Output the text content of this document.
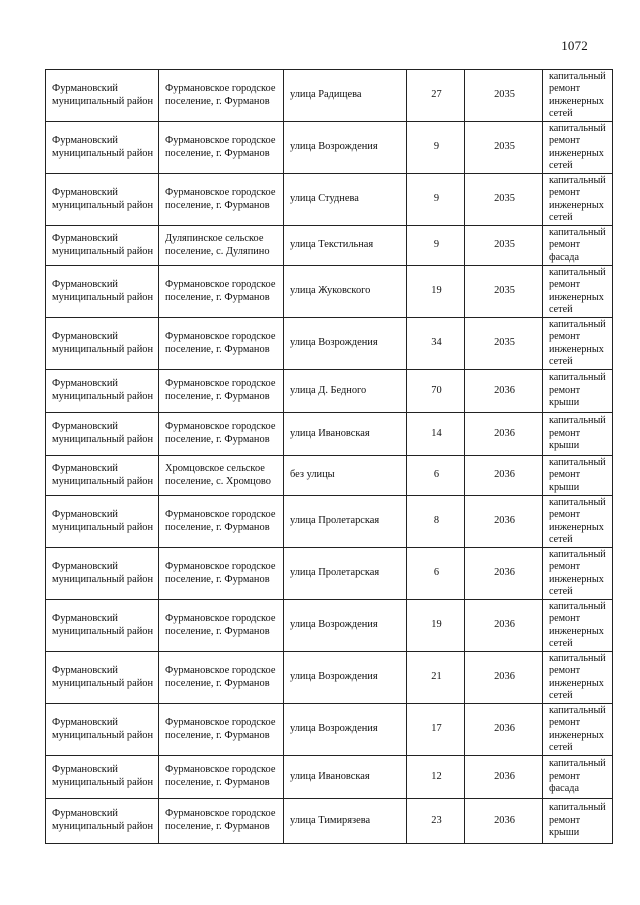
1072
Фурмановский муниципальный район	Фурмановское городское поселение, г. Фурманов	улица Радищева	27	2035	капитальный ремонт инженерных сетей
Фурмановский муниципальный район	Фурмановское городское поселение, г. Фурманов	улица Возрождения	9	2035	капитальный ремонт инженерных сетей
Фурмановский муниципальный район	Фурмановское городское поселение, г. Фурманов	улица Студнева	9	2035	капитальный ремонт инженерных сетей
Фурмановский муниципальный район	Дуляпинское сельское поселение, с. Дуляпино	улица Текстильная	9	2035	капитальный ремонт фасада
Фурмановский муниципальный район	Фурмановское городское поселение, г. Фурманов	улица Жуковского	19	2035	капитальный ремонт инженерных сетей
Фурмановский муниципальный район	Фурмановское городское поселение, г. Фурманов	улица Возрождения	34	2035	капитальный ремонт инженерных сетей
Фурмановский муниципальный район	Фурмановское городское поселение, г. Фурманов	улица Д. Бедного	70	2036	капитальный ремонт крыши
Фурмановский муниципальный район	Фурмановское городское поселение, г. Фурманов	улица Ивановская	14	2036	капитальный ремонт крыши
Фурмановский муниципальный район	Хромцовское сельское поселение, с. Хромцово	без улицы	6	2036	капитальный ремонт крыши
Фурмановский муниципальный район	Фурмановское городское поселение, г. Фурманов	улица Пролетарская	8	2036	капитальный ремонт инженерных сетей
Фурмановский муниципальный район	Фурмановское городское поселение, г. Фурманов	улица Пролетарская	6	2036	капитальный ремонт инженерных сетей
Фурмановский муниципальный район	Фурмановское городское поселение, г. Фурманов	улица Возрождения	19	2036	капитальный ремонт инженерных сетей
Фурмановский муниципальный район	Фурмановское городское поселение, г. Фурманов	улица Возрождения	21	2036	капитальный ремонт инженерных сетей
Фурмановский муниципальный район	Фурмановское городское поселение, г. Фурманов	улица Возрождения	17	2036	капитальный ремонт инженерных сетей
Фурмановский муниципальный район	Фурмановское городское поселение, г. Фурманов	улица Ивановская	12	2036	капитальный ремонт фасада
Фурмановский муниципальный район	Фурмановское городское поселение, г. Фурманов	улица Тимирязева	23	2036	капитальный ремонт крыши
